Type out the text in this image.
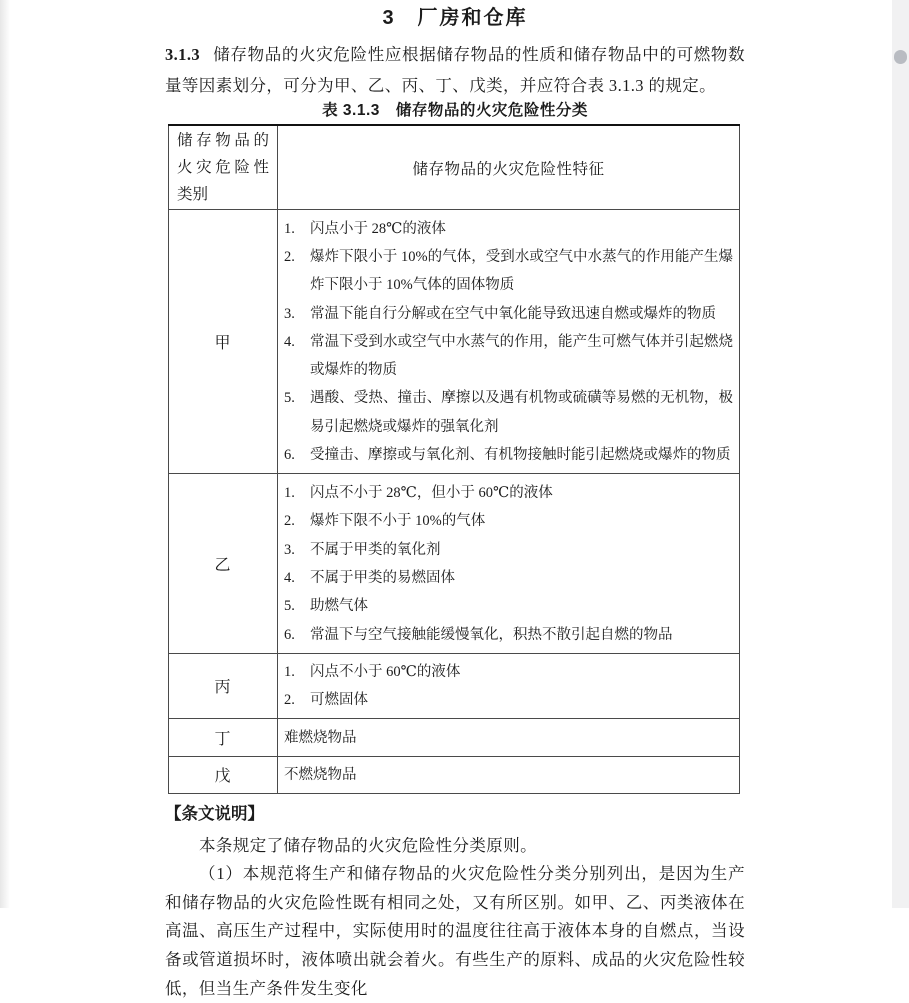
3　厂房和仓库

3.1.3 储存物品的火灾危险性应根据储存物品的性质和储存物品中的可燃物数量等因素划分，可分为甲、乙、丙、丁、戊类，并应符合表 3.1.3 的规定。

表 3.1.3　储存物品的火灾危险性分类
储存物品的火灾危险性类别	储存物品的火灾危险性特征
甲	
1.	闪点小于 28℃的液体
2.	爆炸下限小于 10%的气体，受到水或空气中水蒸气的作用能产生爆炸下限小于 10%气体的固体物质
3.	常温下能自行分解或在空气中氧化能导致迅速自燃或爆炸的物质
4.	常温下受到水或空气中水蒸气的作用，能产生可燃气体并引起燃烧或爆炸的物质
5.	遇酸、受热、撞击、摩擦以及遇有机物或硫磺等易燃的无机物，极易引起燃烧或爆炸的强氧化剂
6.	受撞击、摩擦或与氧化剂、有机物接触时能引起燃烧或爆炸的物质

乙	
1.	闪点不小于 28℃，但小于 60℃的液体
2.	爆炸下限不小于 10%的气体
3.	不属于甲类的氧化剂
4.	不属于甲类的易燃固体
5.	助燃气体
6.	常温下与空气接触能缓慢氧化，积热不散引起自燃的物品

丙	1. 闪点不小于 60℃的液体
2. 可燃固体

丁	难燃烧物品

戊	不燃烧物品
【条文说明】

本条规定了储存物品的火灾危险性分类原则。

（1）本规范将生产和储存物品的火灾危险性分类分别列出，是因为生产和储存物品的火灾危险性既有相同之处，又有所区别。如甲、乙、丙类液体在高温、高压生产过程中，实际使用时的温度往往高于液体本身的自燃点，当设备或管道损坏时，液体喷出就会着火。有些生产的原料、成品的火灾危险性较低，但当生产条件发生变化
